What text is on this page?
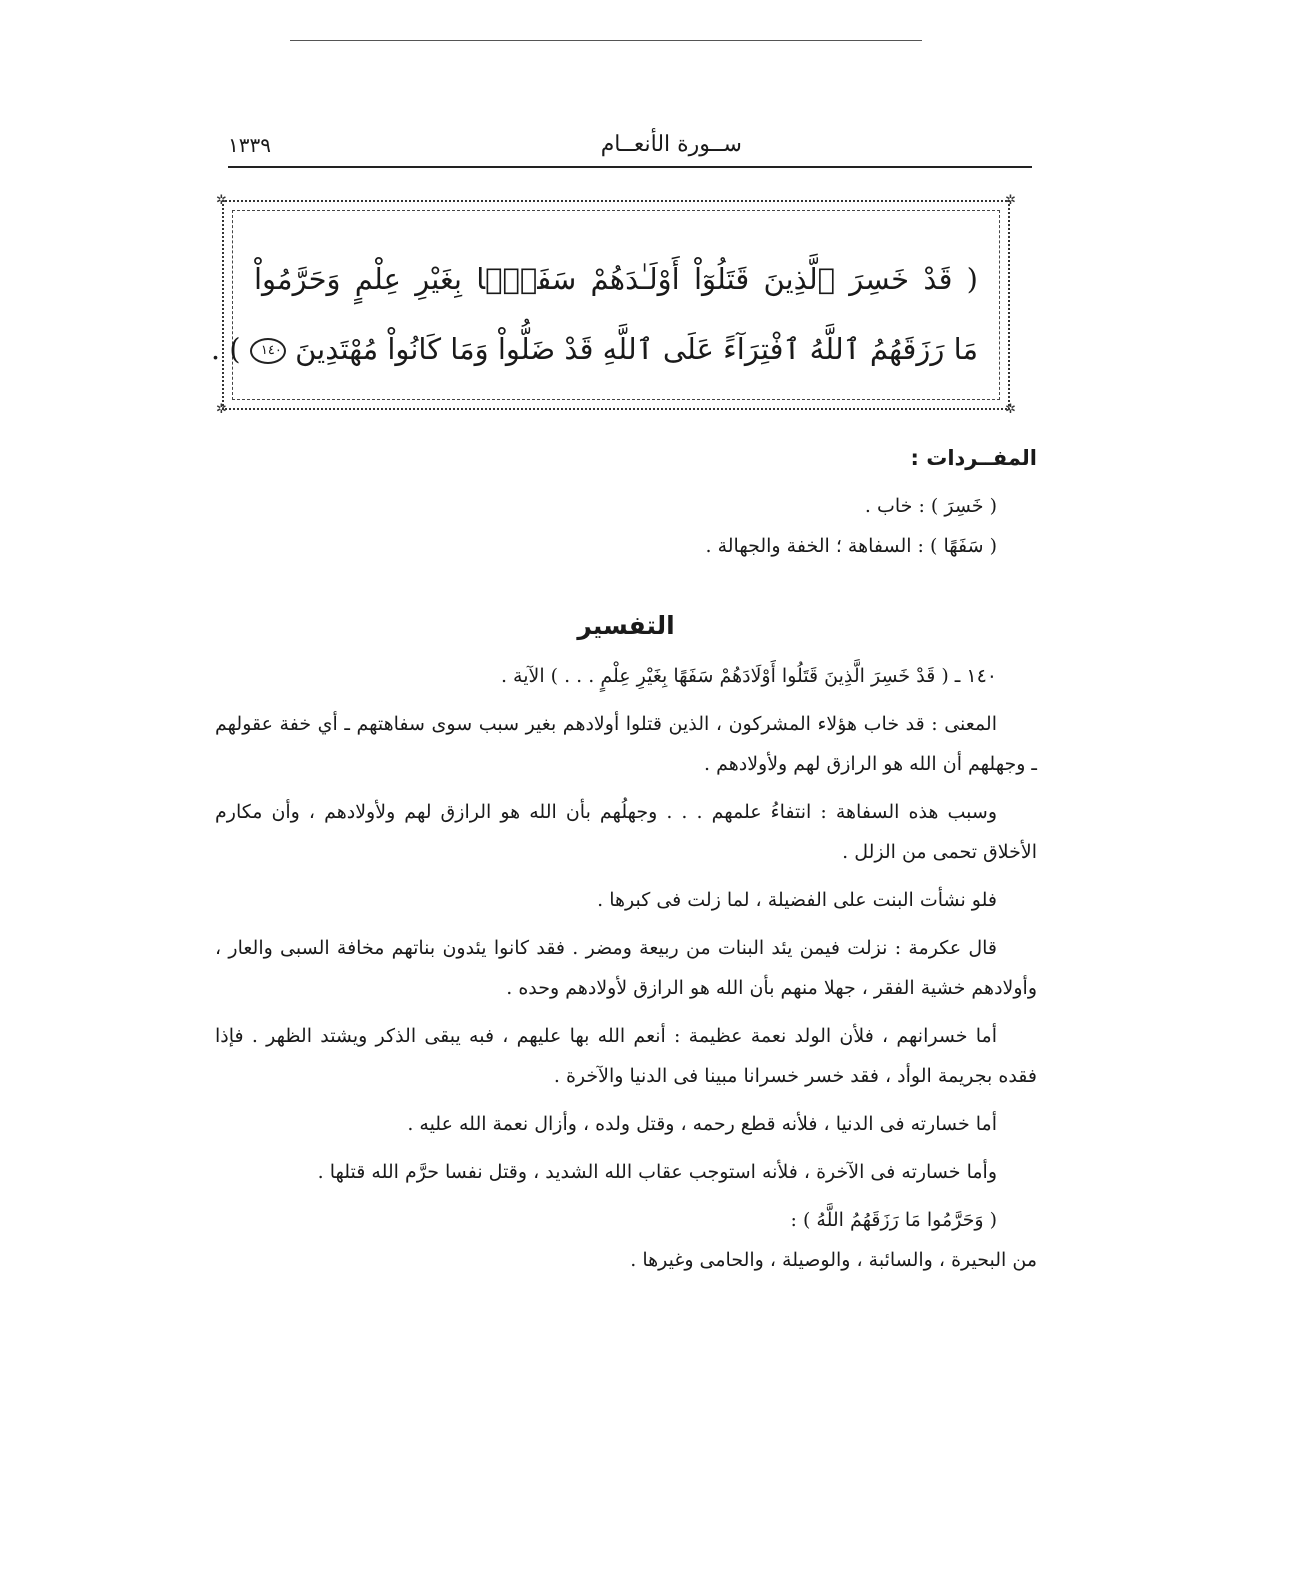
ســورة الأنعــام
١٣٣٩
✲	✲
✲	✲
( قَدْ خَسِرَ ٱلَّذِينَ قَتَلُوٓاْ أَوْلَـٰدَهُمْ سَفَهَۢا بِغَيْرِ عِلْمٍ وَحَرَّمُواْ
مَا رَزَقَهُمُ ٱللَّهُ ٱفْتِرَآءً عَلَى ٱللَّهِ قَدْ ضَلُّواْ وَمَا كَانُواْ مُهْتَدِينَ ١٤٠ ) .
المفــردات :

( خَسِرَ ) : خاب .

( سَفَهًا ) : السفاهة ؛ الخفة والجهالة .

التفسير

١٤٠ ـ ( قَدْ خَسِرَ الَّذِينَ قَتَلُوا أَوْلَادَهُمْ سَفَهًا بِغَيْرِ عِلْمٍ . . . ) الآية .

المعنى : قد خاب هؤلاء المشركون ، الذين قتلوا أولادهم بغير سبب سوى سفاهتهم ـ أي خفة عقولهم ـ وجهلهم أن الله هو الرازق لهم ولأولادهم .

وسبب هذه السفاهة : انتفاءُ علمهم . . . وجهلُهم بأن الله هو الرازق لهم ولأولادهم ، وأن مكارم الأخلاق تحمى من الزلل .

فلو نشأت البنت على الفضيلة ، لما زلت فى كبرها .

قال عكرمة : نزلت فيمن يئد البنات من ربيعة ومضر . فقد كانوا يئدون بناتهم مخافة السبى والعار ، وأولادهم خشية الفقر ، جهلا منهم بأن الله هو الرازق لأولادهم وحده .

أما خسرانهم ، فلأن الولد نعمة عظيمة : أنعم الله بها عليهم ، فبه يبقى الذكر ويشتد الظهر . فإذا فقده بجريمة الوأد ، فقد خسر خسرانا مبينا فى الدنيا والآخرة .

أما خسارته فى الدنيا ، فلأنه قطع رحمه ، وقتل ولده ، وأزال نعمة الله عليه .

وأما خسارته فى الآخرة ، فلأنه استوجب عقاب الله الشديد ، وقتل نفسا حرَّم الله قتلها .

( وَحَرَّمُوا مَا رَزَقَهُمُ اللَّهُ ) :

من البحيرة ، والسائبة ، والوصيلة ، والحامى وغيرها .
